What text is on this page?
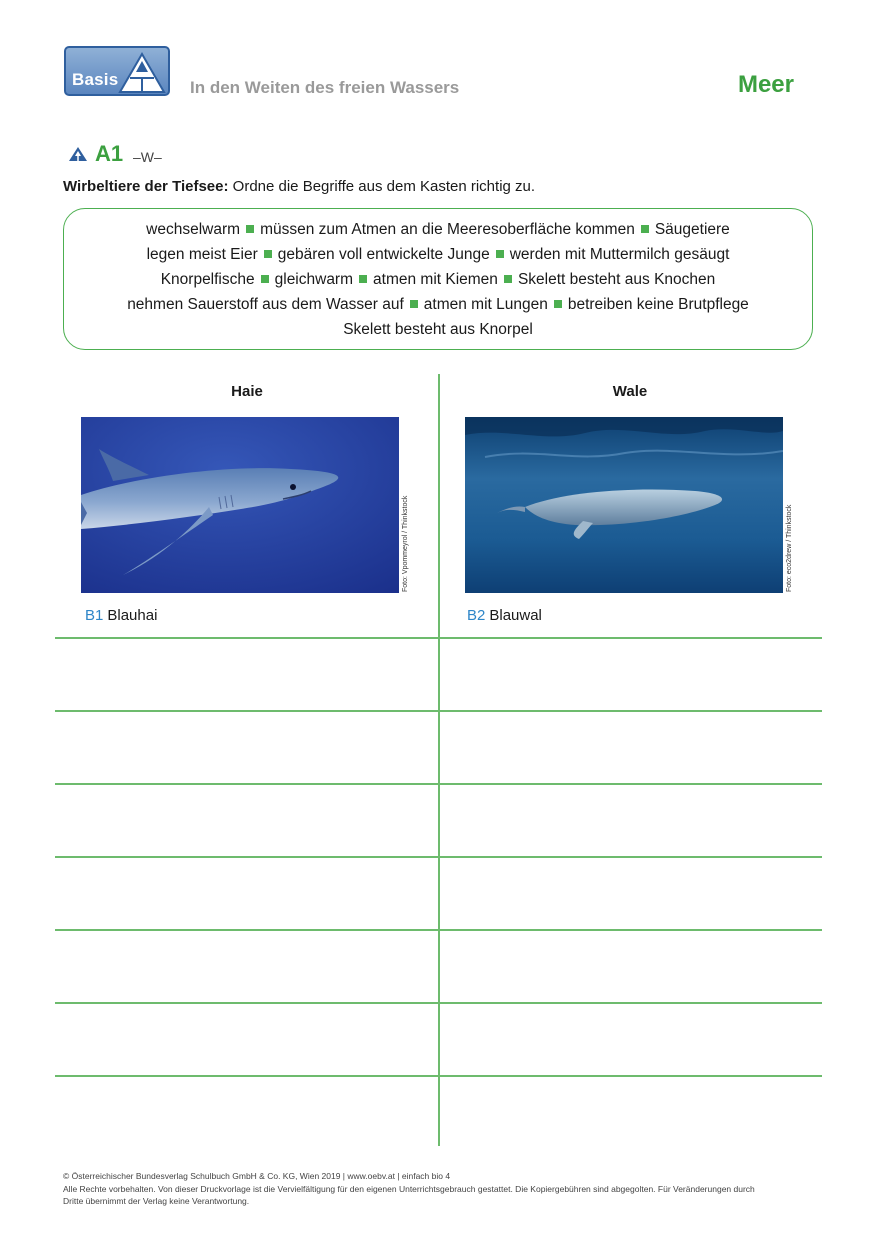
Basis	In den Weiten des freien Wassers	Meer
A1 –W–
Wirbeltiere der Tiefsee: Ordne die Begriffe aus dem Kasten richtig zu.
wechselwarm müssen zum Atmen an die Meeresoberfläche kommen Säugetiere
legen meist Eier gebären voll entwickelte Junge werden mit Muttermilch gesäugt
Knorpelfische gleichwarm atmen mit Kiemen Skelett besteht aus Knochen
nehmen Sauerstoff aus dem Wasser auf atmen mit Lungen betreiben keine Brutpflege
Skelett besteht aus Knorpel
Haie	Wale
Foto: Vpommeyrol / Thinkstock	Foto: eco2drew / Thinkstock
B1 Blauhai	B2 Blauwal
© Österreichischer Bundesverlag Schulbuch GmbH & Co. KG, Wien 2019 | www.oebv.at | einfach bio 4
Alle Rechte vorbehalten. Von dieser Druckvorlage ist die Vervielfältigung für den eigenen Unterrichtsgebrauch gestattet. Die Kopiergebühren sind abgegolten. Für Veränderungen durch
Dritte übernimmt der Verlag keine Verantwortung.
